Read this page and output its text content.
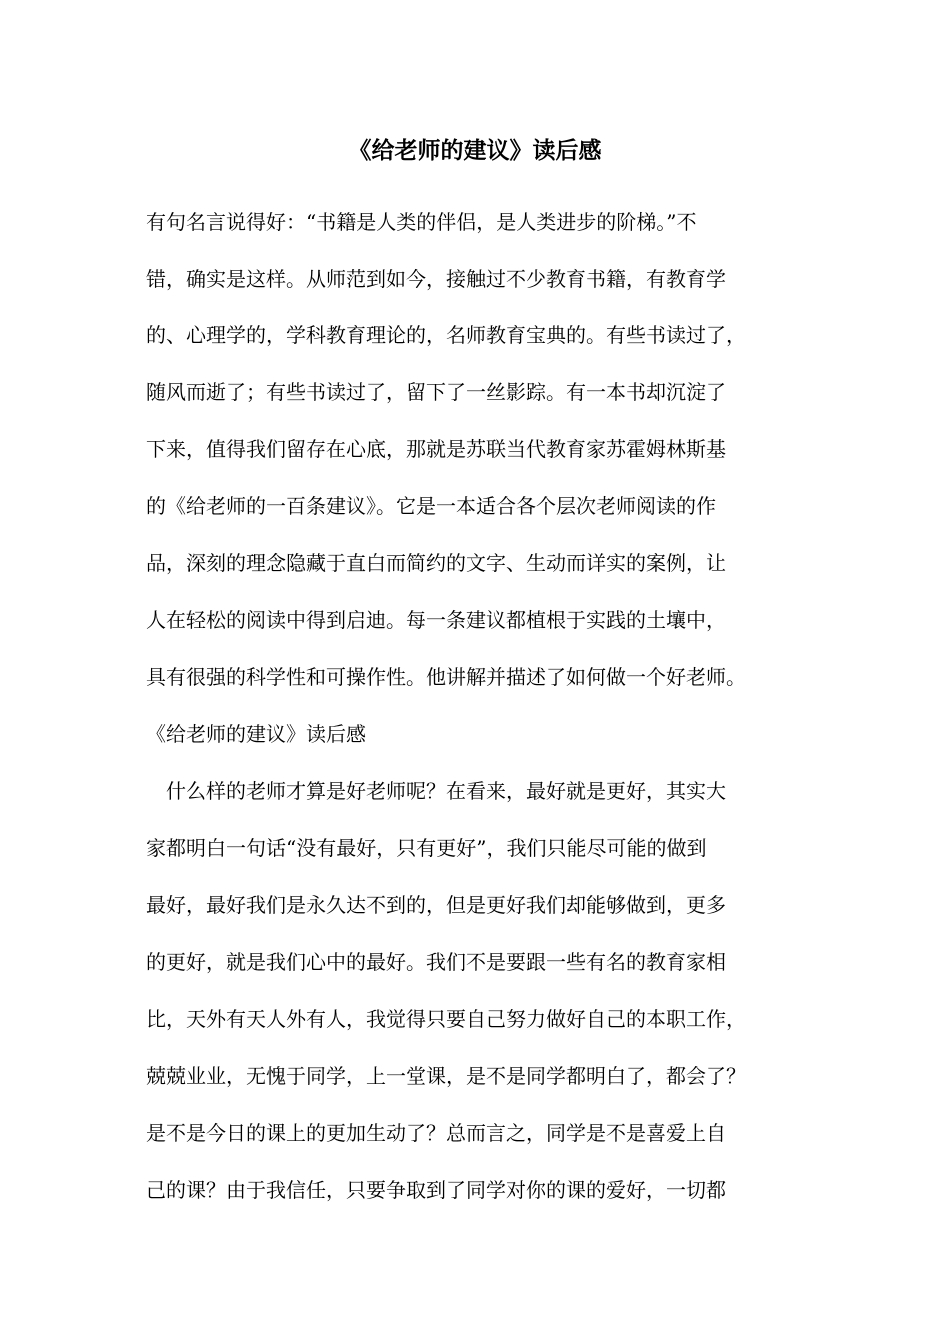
《给老师的建议》读后感
有句名言说得好：“书籍是人类的伴侣，是人类进步的阶梯。”不
错，确实是这样。从师范到如今，接触过不少教育书籍，有教育学
的、心理学的，学科教育理论的，名师教育宝典的。有些书读过了，
随风而逝了；有些书读过了，留下了一丝影踪。有一本书却沉淀了
下来，值得我们留存在心底，那就是苏联当代教育家苏霍姆林斯基
的《给老师的一百条建议》。它是一本适合各个层次老师阅读的作
品，深刻的理念隐藏于直白而简约的文字、生动而详实的案例，让
人在轻松的阅读中得到启迪。每一条建议都植根于实践的土壤中，
具有很强的科学性和可操作性。他讲解并描述了如何做一个好老师。
《给老师的建议》读后感
　什么样的老师才算是好老师呢？在看来，最好就是更好，其实大
家都明白一句话“没有最好，只有更好”，我们只能尽可能的做到
最好，最好我们是永久达不到的，但是更好我们却能够做到，更多
的更好，就是我们心中的最好。我们不是要跟一些有名的教育家相
比，天外有天人外有人，我觉得只要自己努力做好自己的本职工作，
兢兢业业，无愧于同学，上一堂课，是不是同学都明白了，都会了？
是不是今日的课上的更加生动了？总而言之，同学是不是喜爱上自
己的课？由于我信任，只要争取到了同学对你的课的爱好，一切都
